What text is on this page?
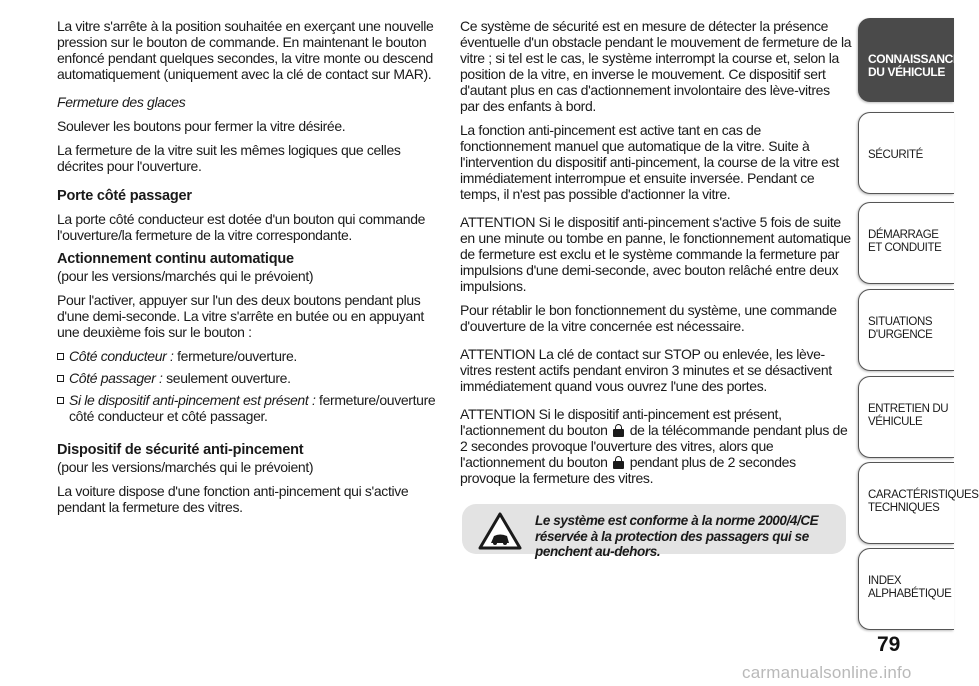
La vitre s'arrête à la position souhaitée en exerçant une nouvelle pression sur le bouton de commande. En maintenant le bouton enfoncé pendant quelques secondes, la vitre monte ou descend automatiquement (uniquement avec la clé de contact sur MAR).

Fermeture des glaces

Soulever les boutons pour fermer la vitre désirée.

La fermeture de la vitre suit les mêmes logiques que celles décrites pour l'ouverture.

Porte côté passager

La porte côté conducteur est dotée d'un bouton qui commande l'ouverture/la fermeture de la vitre correspondante.

Actionnement continu automatique

(pour les versions/marchés qui le prévoient)

Pour l'activer, appuyer sur l'un des deux boutons pendant plus d'une demi-seconde. La vitre s'arrête en butée ou en appuyant une deuxième fois sur le bouton :

Côté conducteur : fermeture/ouverture.
Côté passager : seulement ouverture.
Si le dispositif anti-pincement est présent : fermeture/ouverture côté conducteur et côté passager.
Dispositif de sécurité anti-pincement

(pour les versions/marchés qui le prévoient)

La voiture dispose d'une fonction anti-pincement qui s'active pendant la fermeture des vitres.

Ce système de sécurité est en mesure de détecter la présence éventuelle d'un obstacle pendant le mouvement de fermeture de la vitre ; si tel est le cas, le système interrompt la course et, selon la position de la vitre, en inverse le mouvement. Ce dispositif sert d'autant plus en cas d'actionnement involontaire des lève-vitres par des enfants à bord.

La fonction anti-pincement est active tant en cas de fonctionnement manuel que automatique de la vitre. Suite à l'intervention du dispositif anti-pincement, la course de la vitre est immédiatement interrompue et ensuite inversée. Pendant ce temps, il n'est pas possible d'actionner la vitre.

ATTENTION Si le dispositif anti-pincement s'active 5 fois de suite en une minute ou tombe en panne, le fonctionnement automatique de fermeture est exclu et le système commande la fermeture par impulsions d'une demi-seconde, avec bouton relâché entre deux impulsions.

Pour rétablir le bon fonctionnement du système, une commande d'ouverture de la vitre concernée est nécessaire.

ATTENTION La clé de contact sur STOP ou enlevée, les lève-vitres restent actifs pendant environ 3 minutes et se désactivent immédiatement quand vous ouvrez l'une des portes.

ATTENTION Si le dispositif anti-pincement est présent, l'actionnement du bouton de la télécommande pendant plus de 2 secondes provoque l'ouverture des vitres, alors que l'actionnement du bouton pendant plus de 2 secondes provoque la fermeture des vitres.

Le système est conforme à la norme 2000/4/CE réservée à la protection des passagers qui se penchent au-dehors.
CONNAISSANCE DU VÉHICULE
SÉCURITÉ
DÉMARRAGE ET CONDUITE
SITUATIONS D'URGENCE
ENTRETIEN DU VÉHICULE
CARACTÉRISTIQUES TECHNIQUES
INDEX ALPHABÉTIQUE
79
carmanualsonline.info
